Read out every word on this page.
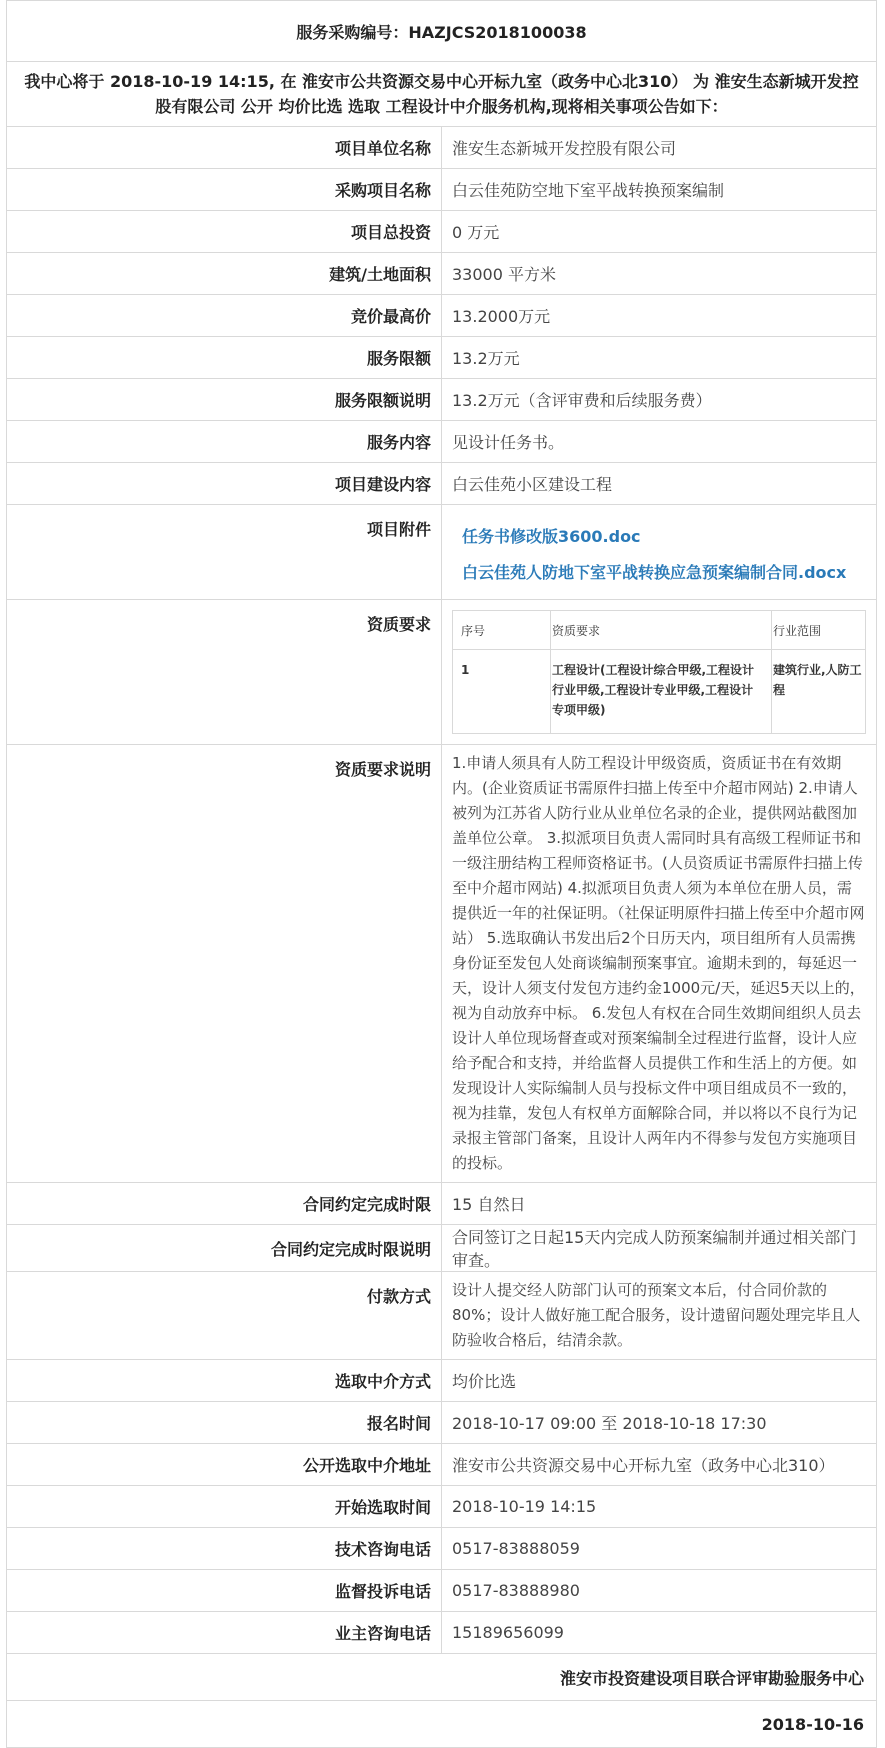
服务采购编号：HAZJCS2018100038
我中心将于 2018-10-19 14:15, 在 淮安市公共资源交易中心开标九室（政务中心北310） 为 淮安生态新城开发控股有限公司 公开 均价比选 选取 工程设计中介服务机构,现将相关事项公告如下：
项目单位名称	淮安生态新城开发控股有限公司
采购项目名称	白云佳苑防空地下室平战转换预案编制
项目总投资	0 万元
建筑/土地面积	33000 平方米
竞价最高价	13.2000万元
服务限额	13.2万元
服务限额说明	13.2万元（含评审费和后续服务费）
服务内容	见设计任务书。
项目建设内容	白云佳苑小区建设工程
项目附件	任务书修改版3600.doc
白云佳苑人防地下室平战转换应急预案编制合同.docx

资质要求		序号	资质要求	行业范围
1	工程设计(工程设计综合甲级,工程设计行业甲级,工程设计专业甲级,工程设计专项甲级)	建筑行业,人防工程

资质要求说明	1.申请人须具有人防工程设计甲级资质，资质证书在有效期内。(企业资质证书需原件扫描上传至中介超市网站) 2.申请人被列为江苏省人防行业从业单位名录的企业，提供网站截图加盖单位公章。 3.拟派项目负责人需同时具有高级工程师证书和一级注册结构工程师资格证书。(人员资质证书需原件扫描上传至中介超市网站) 4.拟派项目负责人须为本单位在册人员，需提供近一年的社保证明。（社保证明原件扫描上传至中介超市网站） 5.选取确认书发出后2个日历天内，项目组所有人员需携身份证至发包人处商谈编制预案事宜。逾期未到的，每延迟一天，设计人须支付发包方违约金1000元/天，延迟5天以上的，视为自动放弃中标。 6.发包人有权在合同生效期间组织人员去设计人单位现场督查或对预案编制全过程进行监督，设计人应给予配合和支持，并给监督人员提供工作和生活上的方便。如发现设计人实际编制人员与投标文件中项目组成员不一致的，视为挂靠，发包人有权单方面解除合同，并以将以不良行为记录报主管部门备案，且设计人两年内不得参与发包方实施项目的投标。
合同约定完成时限	15 自然日
合同约定完成时限说明	合同签订之日起15天内完成人防预案编制并通过相关部门审查。
付款方式	设计人提交经人防部门认可的预案文本后，付合同价款的80%；设计人做好施工配合服务，设计遗留问题处理完毕且人防验收合格后，结清余款。
选取中介方式	均价比选
报名时间	2018-10-17 09:00 至 2018-10-18 17:30
公开选取中介地址	淮安市公共资源交易中心开标九室（政务中心北310）
开始选取时间	2018-10-19 14:15
技术咨询电话	0517-83888059
监督投诉电话	0517-83888980
业主咨询电话	15189656099
淮安市投资建设项目联合评审勘验服务中心
2018-10-16
